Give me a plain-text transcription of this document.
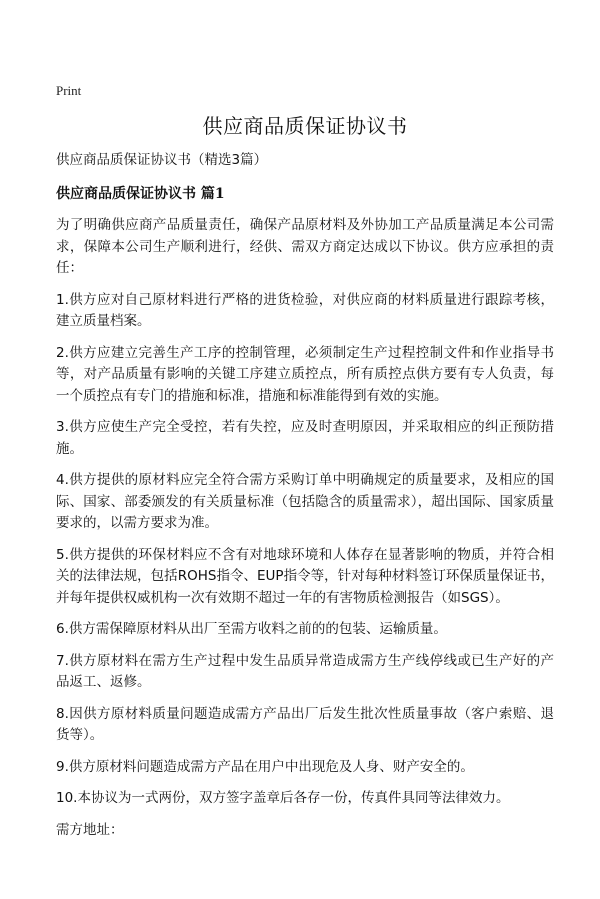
Print
供应商品质保证协议书

供应商品质保证协议书（精选3篇）

供应商品质保证协议书 篇1

为了明确供应商产品质量责任，确保产品原材料及外协加工产品质量满足本公司需求，保障本公司生产顺利进行，经供、需双方商定达成以下协议。供方应承担的责任：

1.供方应对自己原材料进行严格的进货检验，对供应商的材料质量进行跟踪考核，建立质量档案。

2.供方应建立完善生产工序的控制管理，必须制定生产过程控制文件和作业指导书等，对产品质量有影响的关键工序建立质控点，所有质控点供方要有专人负责，每一个质控点有专门的措施和标准，措施和标准能得到有效的实施。

3.供方应使生产完全受控，若有失控，应及时查明原因，并采取相应的纠正预防措施。

4.供方提供的原材料应完全符合需方采购订单中明确规定的质量要求，及相应的国际、国家、部委颁发的有关质量标准（包括隐含的质量需求），超出国际、国家质量要求的，以需方要求为准。

5.供方提供的环保材料应不含有对地球环境和人体存在显著影响的物质，并符合相关的法律法规，包括ROHS指令、EUP指令等，针对每种材料签订环保质量保证书，并每年提供权威机构一次有效期不超过一年的有害物质检测报告（如SGS）。

6.供方需保障原材料从出厂至需方收料之前的的包装、运输质量。

7.供方原材料在需方生产过程中发生品质异常造成需方生产线停线或已生产好的产品返工、返修。

8.因供方原材料质量问题造成需方产品出厂后发生批次性质量事故（客户索赔、退货等）。

9.供方原材料问题造成需方产品在用户中出现危及人身、财产安全的。

10.本协议为一式两份，双方签字盖章后各存一份，传真件具同等法律效力。

需方地址：
